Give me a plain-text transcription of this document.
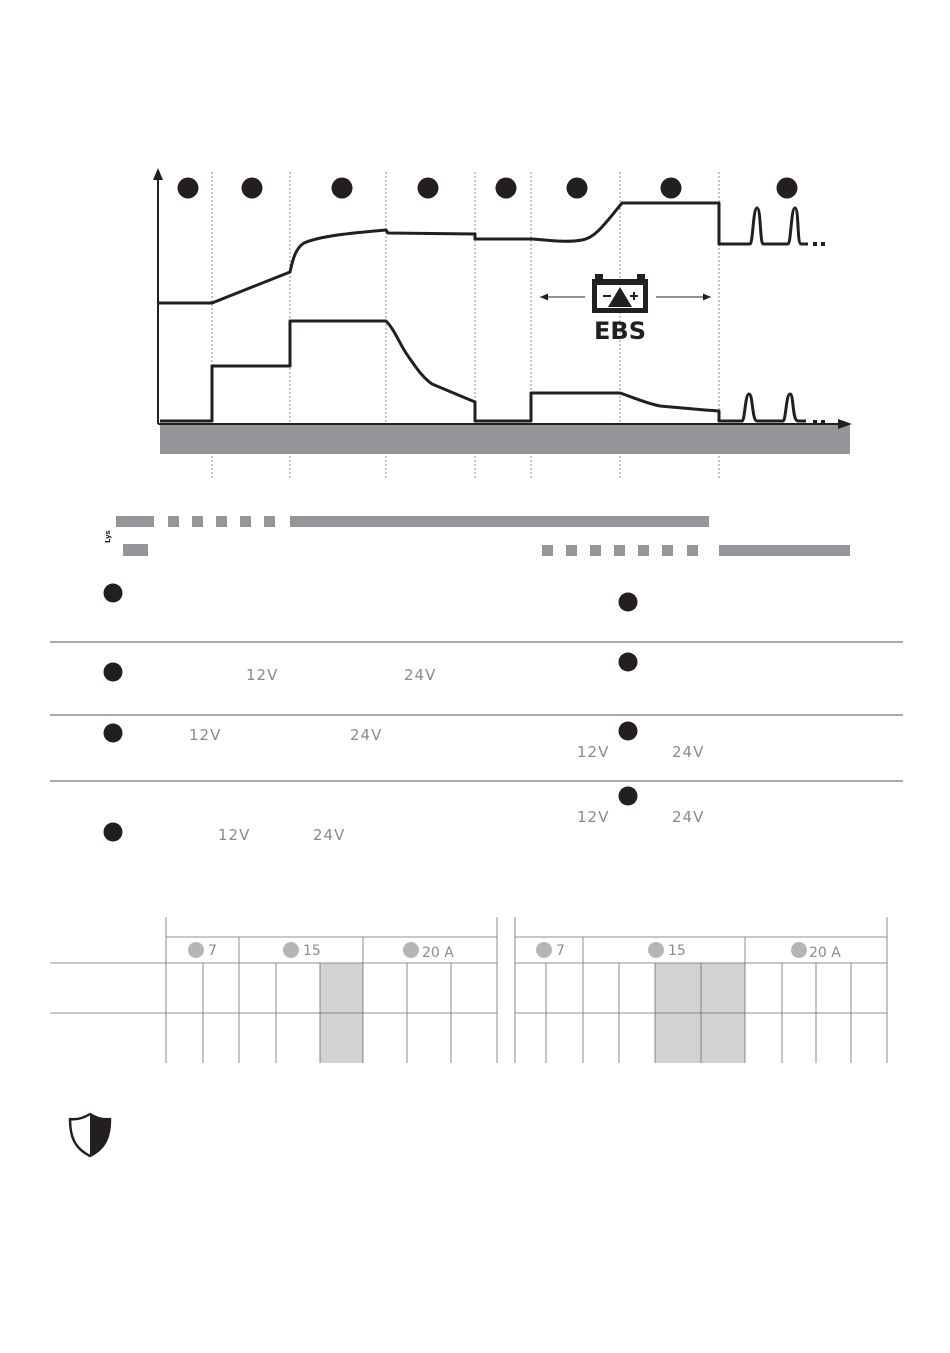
EBS
Lys
12V	24V
12V	24V
12V	24V
12V	24V
12V	24V
7	15	20 A	7	15	20 A
